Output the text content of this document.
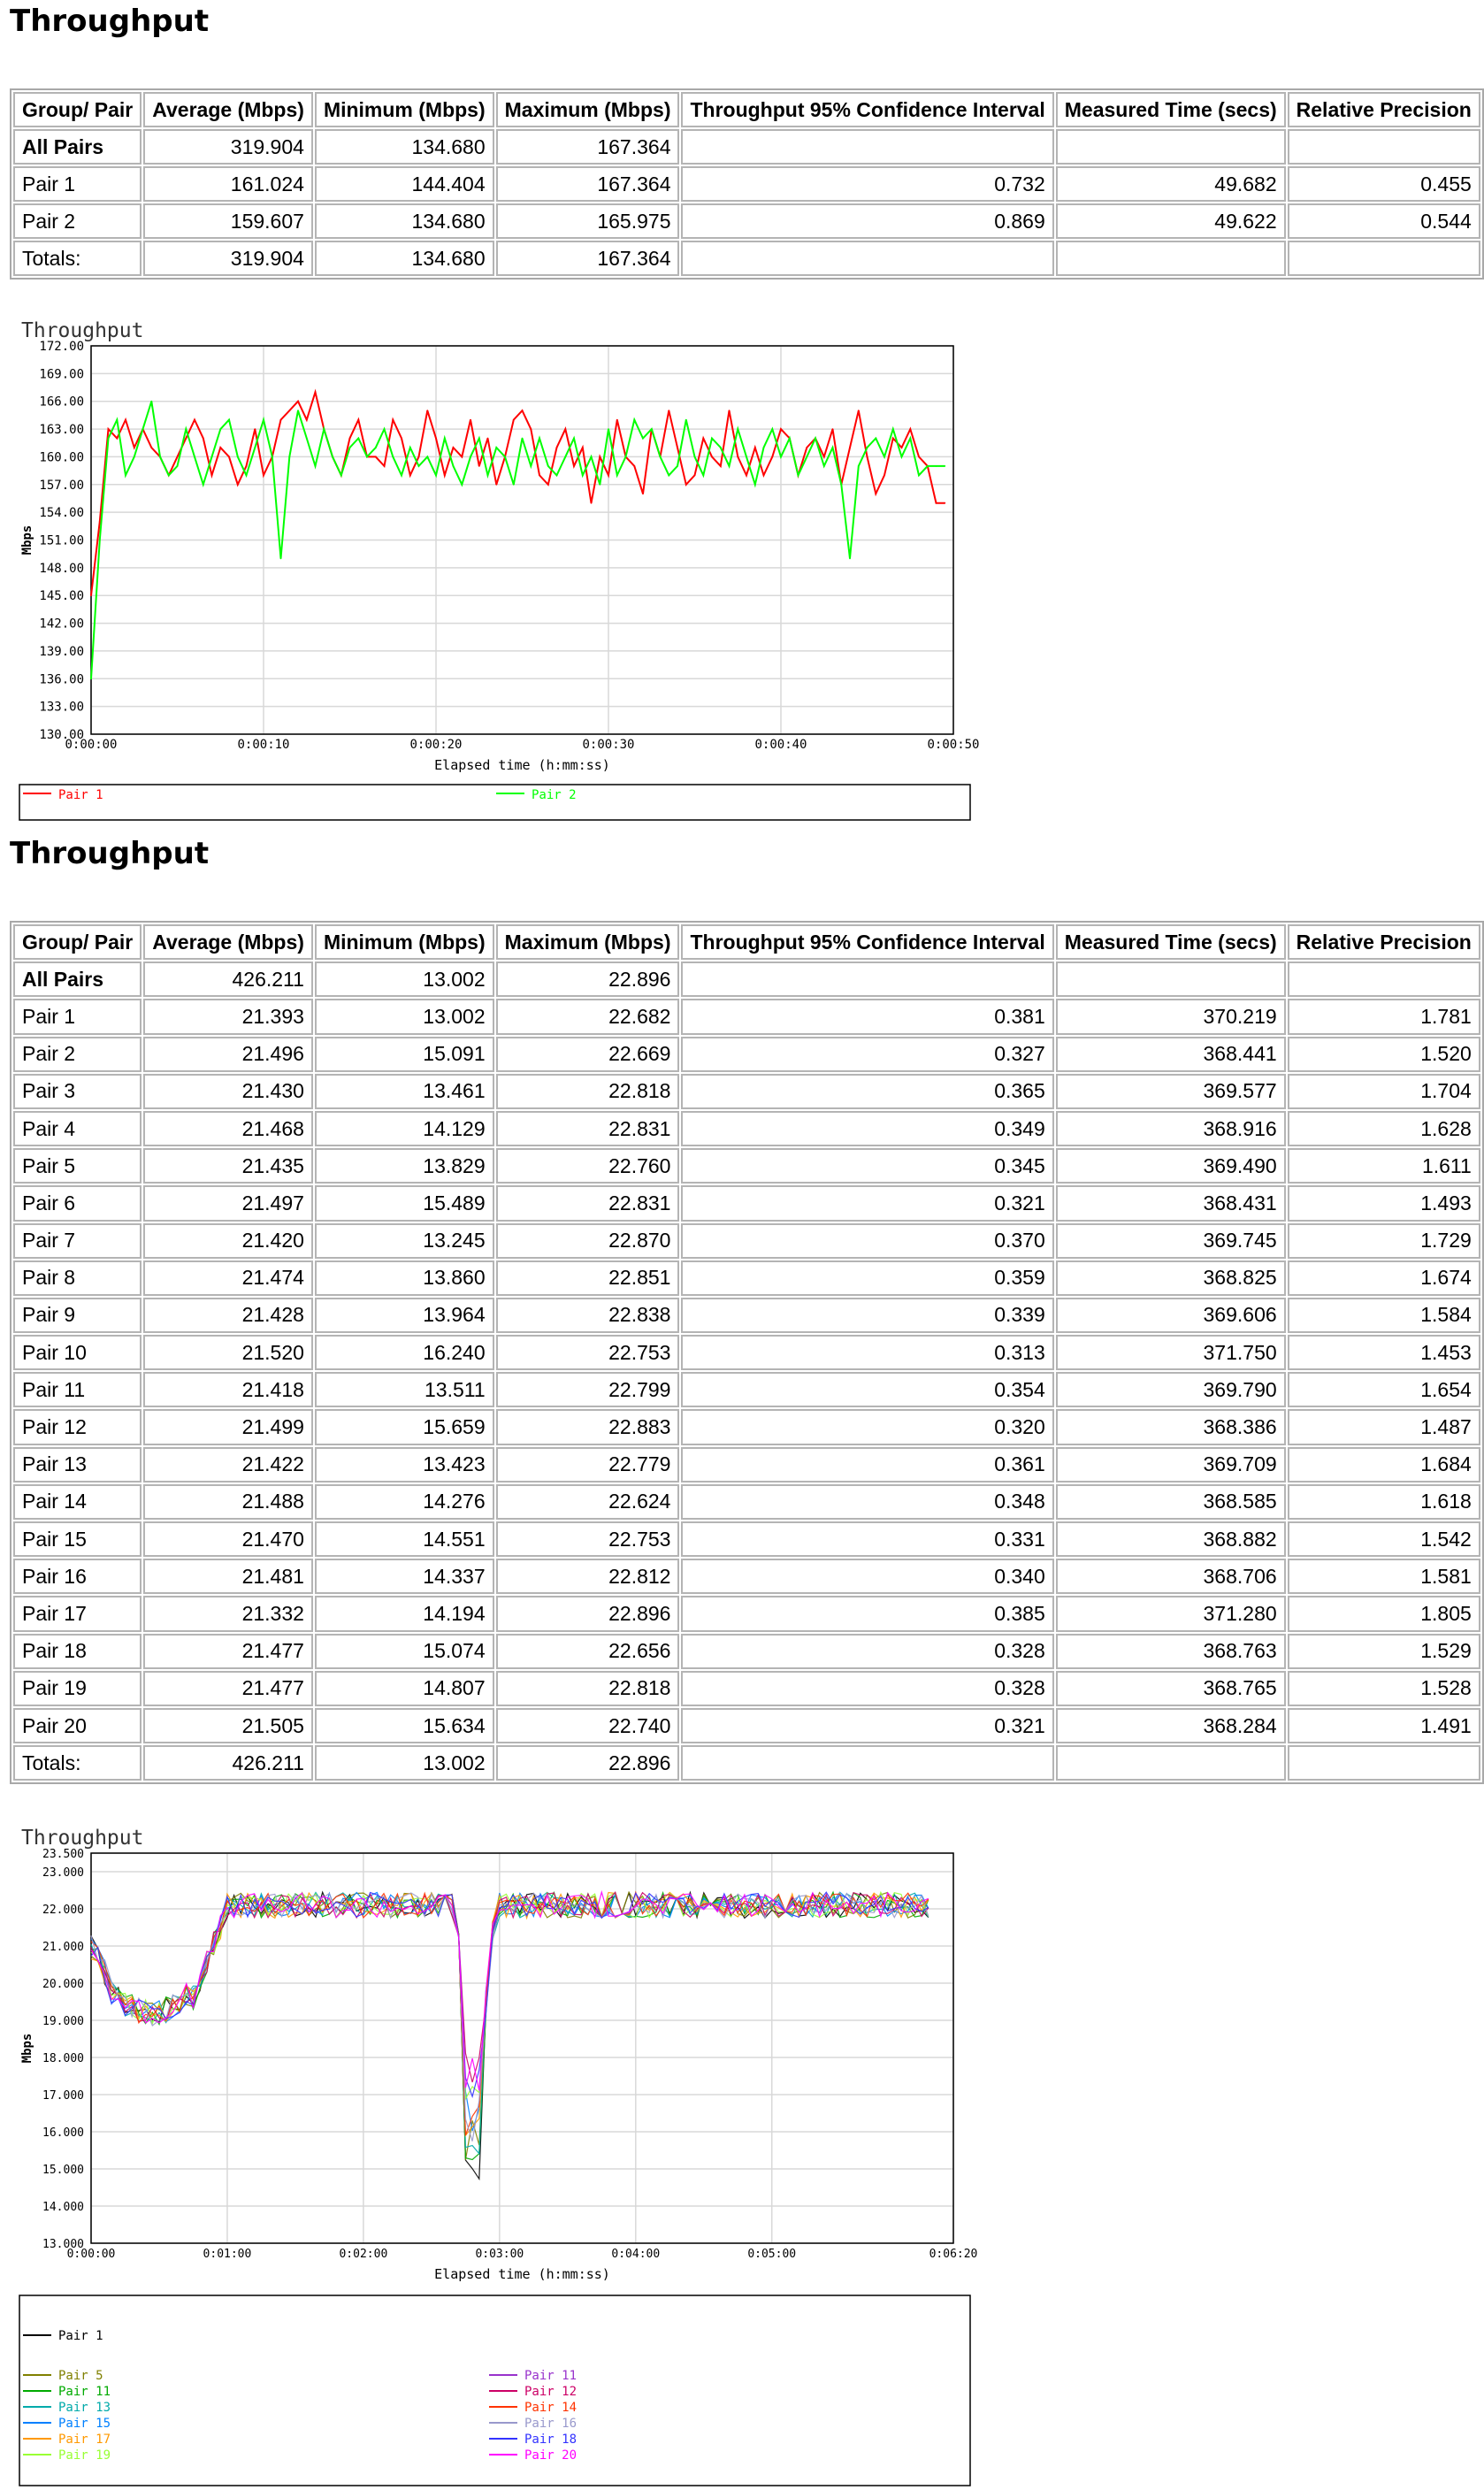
Throughput
Group/ Pair	Average (Mbps)	Minimum (Mbps)	Maximum (Mbps)	Throughput 95% Confidence Interval	Measured Time (secs)	Relative Precision
All Pairs	319.904	134.680	167.364			
Pair 1	161.024	144.404	167.364	0.732	49.682	0.455
Pair 2	159.607	134.680	165.975	0.869	49.622	0.544
Totals:	319.904	134.680	167.364			
Throughput
130.00
133.00
136.00
139.00
142.00
145.00
148.00
151.00
154.00
157.00
160.00
163.00
166.00
169.00
172.00
0:00:00	0:00:10	0:00:20	0:00:30	0:00:40	0:00:50
Elapsed time (h:mm:ss)
Mbps
Pair 1	Pair 2
Throughput
Group/ Pair	Average (Mbps)	Minimum (Mbps)	Maximum (Mbps)	Throughput 95% Confidence Interval	Measured Time (secs)	Relative Precision
All Pairs	426.211	13.002	22.896			
Pair 1	21.393	13.002	22.682	0.381	370.219	1.781
Pair 2	21.496	15.091	22.669	0.327	368.441	1.520
Pair 3	21.430	13.461	22.818	0.365	369.577	1.704
Pair 4	21.468	14.129	22.831	0.349	368.916	1.628
Pair 5	21.435	13.829	22.760	0.345	369.490	1.611
Pair 6	21.497	15.489	22.831	0.321	368.431	1.493
Pair 7	21.420	13.245	22.870	0.370	369.745	1.729
Pair 8	21.474	13.860	22.851	0.359	368.825	1.674
Pair 9	21.428	13.964	22.838	0.339	369.606	1.584
Pair 10	21.520	16.240	22.753	0.313	371.750	1.453
Pair 11	21.418	13.511	22.799	0.354	369.790	1.654
Pair 12	21.499	15.659	22.883	0.320	368.386	1.487
Pair 13	21.422	13.423	22.779	0.361	369.709	1.684
Pair 14	21.488	14.276	22.624	0.348	368.585	1.618
Pair 15	21.470	14.551	22.753	0.331	368.882	1.542
Pair 16	21.481	14.337	22.812	0.340	368.706	1.581
Pair 17	21.332	14.194	22.896	0.385	371.280	1.805
Pair 18	21.477	15.074	22.656	0.328	368.763	1.529
Pair 19	21.477	14.807	22.818	0.328	368.765	1.528
Pair 20	21.505	15.634	22.740	0.321	368.284	1.491
Totals:	426.211	13.002	22.896			
Throughput
13.000
14.000
15.000
16.000
17.000
18.000
19.000
20.000
21.000
22.000
23.000
23.500
0:00:00	0:01:00	0:02:00	0:03:00	0:04:00	0:05:00	0:06:20
Elapsed time (h:mm:ss)
Mbps
Pair 1
Pair 5
Pair 11
Pair 13
Pair 15
Pair 17
Pair 19
Pair 11
Pair 12
Pair 14
Pair 16
Pair 18
Pair 20
